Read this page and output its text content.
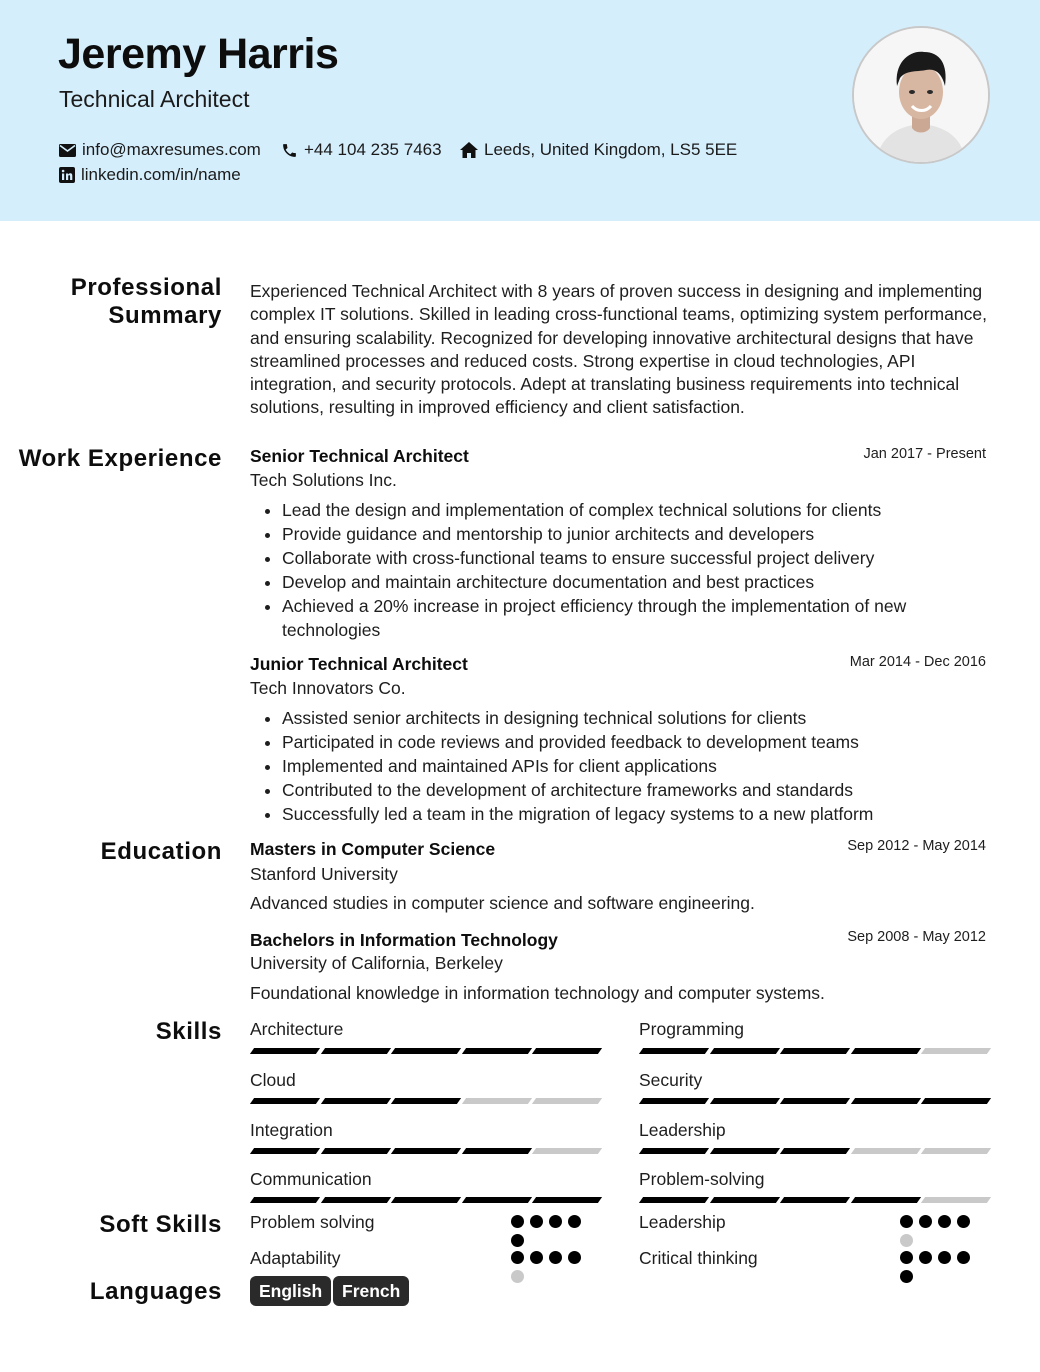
Jeremy Harris
Technical Architect
info@maxresumes.com	+44 104 235 7463 Leeds, United Kingdom, LS5 5EE
linkedin.com/in/name
Professional Summary
Experienced Technical Architect with 8 years of proven success in designing and implementing complex IT solutions. Skilled in leading cross-functional teams, optimizing system performance, and ensuring scalability. Recognized for developing innovative architectural designs that have streamlined processes and reduced costs. Strong expertise in cloud technologies, API integration, and security protocols. Adept at translating business requirements into technical solutions, resulting in improved efficiency and client satisfaction.
Work Experience Senior Technical Architect	Jan 2017 - Present
Tech Solutions Inc.
• Lead the design and implementation of complex technical solutions for clients
• Provide guidance and mentorship to junior architects and developers
• Collaborate with cross-functional teams to ensure successful project delivery
• Develop and maintain architecture documentation and best practices
• Achieved a 20% increase in project efficiency through the implementation of new technologies
Junior Technical Architect	Mar 2014 - Dec 2016
Tech Innovators Co.
• Assisted senior architects in designing technical solutions for clients
• Participated in code reviews and provided feedback to development teams
• Implemented and maintained APIs for client applications
• Contributed to the development of architecture frameworks and standards
• Successfully led a team in the migration of legacy systems to a new platform
Education Masters in Computer Science	Sep 2012 - May 2014
Stanford University
Advanced studies in computer science and software engineering.
Bachelors in Information Technology	Sep 2008 - May 2012
University of California, Berkeley
Foundational knowledge in information technology and computer systems.
Skills Architecture	Programming
Cloud	Security
Integration	Leadership
Communication	Problem-solving
Soft Skills Problem solving	Leadership
Adaptability	Critical thinking
Languages	English	French
